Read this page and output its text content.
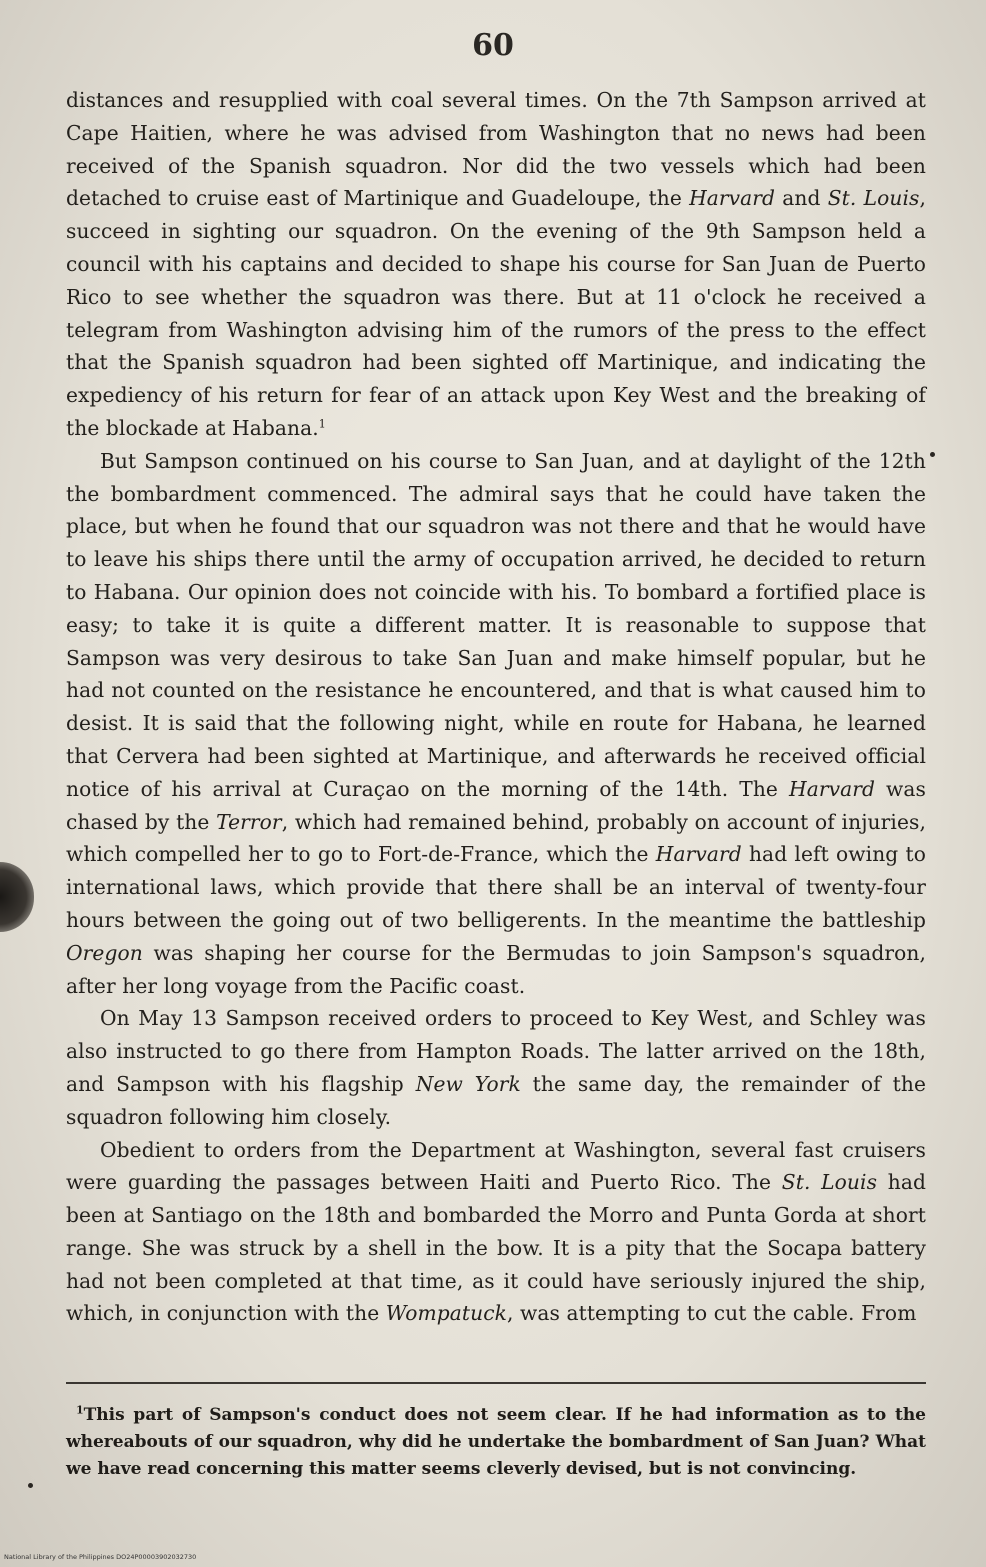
60

distances and resupplied with coal several times. On the 7th Sampson arrived at Cape Haitien, where he was advised from Washington that no news had been received of the Spanish squadron. Nor did the two vessels which had been detached to cruise east of Martinique and Guadeloupe, the Harvard and St. Louis, succeed in sighting our squadron. On the evening of the 9th Sampson held a council with his captains and decided to shape his course for San Juan de Puerto Rico to see whether the squadron was there. But at 11 o'clock he received a telegram from Washington advising him of the rumors of the press to the effect that the Spanish squadron had been sighted off Martinique, and indicating the expediency of his return for fear of an attack upon Key West and the breaking of the blockade at Habana.$^1$

But Sampson continued on his course to San Juan, and at daylight of the 12th the bombardment commenced. The admiral says that he could have taken the place, but when he found that our squadron was not there and that he would have to leave his ships there until the army of occupation arrived, he decided to return to Habana. Our opinion does not coincide with his. To bombard a fortified place is easy; to take it is quite a different matter. It is reasonable to suppose that Sampson was very desirous to take San Juan and make himself popular, but he had not counted on the resistance he encountered, and that is what caused him to desist. It is said that the following night, while en route for Habana, he learned that Cervera had been sighted at Martinique, and afterwards he received official notice of his arrival at Curaçao on the morning of the 14th. The Harvard was chased by the Terror, which had remained behind, probably on account of injuries, which compelled her to go to Fort-de-France, which the Harvard had left owing to international laws, which provide that there shall be an interval of twenty-four hours between the going out of two belligerents. In the meantime the battleship Oregon was shaping her course for the Bermudas to join Sampson's squadron, after her long voyage from the Pacific coast.

On May 13 Sampson received orders to proceed to Key West, and Schley was also instructed to go there from Hampton Roads. The latter arrived on the 18th, and Sampson with his flagship New York the same day, the remainder of the squadron following him closely.

Obedient to orders from the Department at Washington, several fast cruisers were guarding the passages between Haiti and Puerto Rico. The St. Louis had been at Santiago on the 18th and bombarded the Morro and Punta Gorda at short range. She was struck by a shell in the bow. It is a pity that the Socapa battery had not been completed at that time, as it could have seriously injured the ship, which, in conjunction with the Wompatuck, was attempting to cut the cable. From

$^1$This part of Sampson's conduct does not seem clear. If he had information as to the whereabouts of our squadron, why did he undertake the bombardment of San Juan? What we have read concerning this matter seems cleverly devised, but is not convincing.
National Library of the Philippines DO24P00003902032730
